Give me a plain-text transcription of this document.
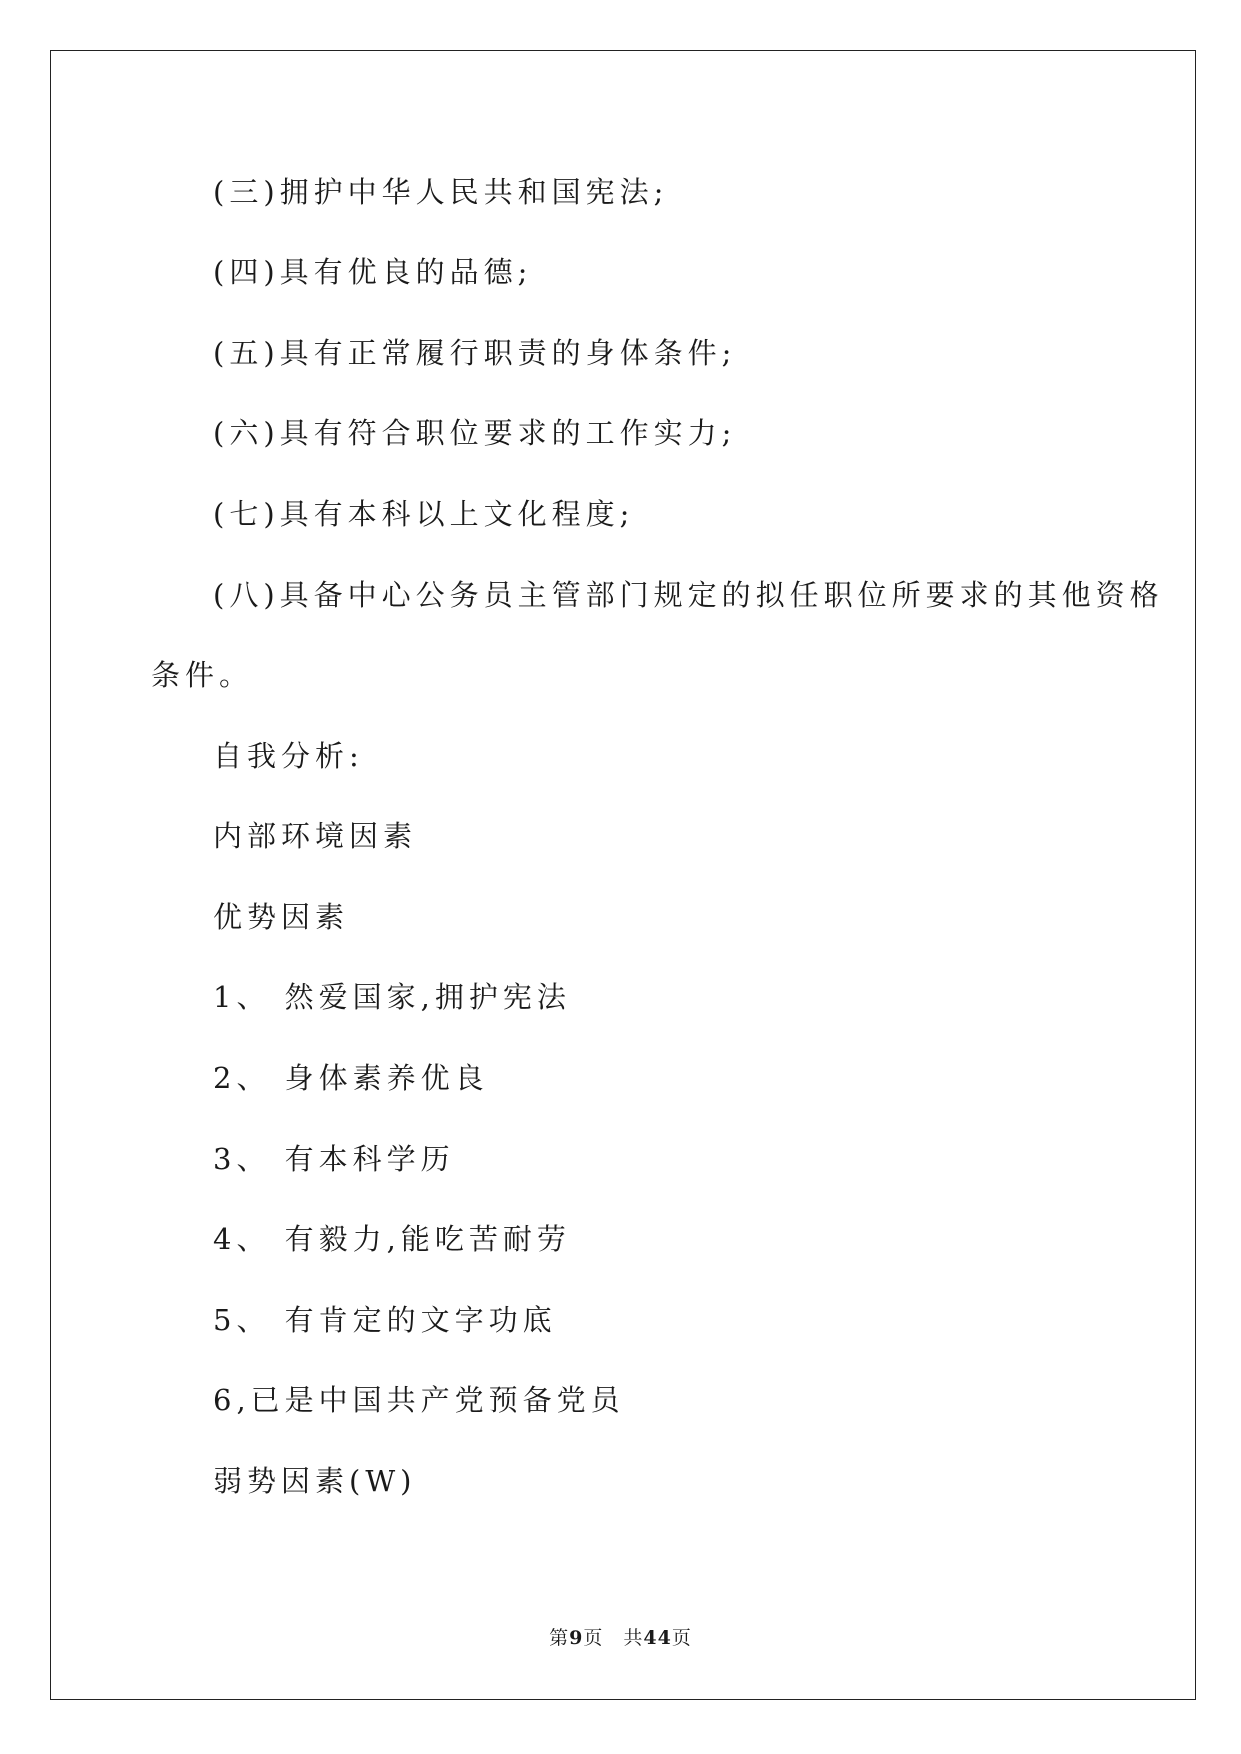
(三)拥护中华人民共和国宪法;
(四)具有优良的品德;
(五)具有正常履行职责的身体条件;
(六)具有符合职位要求的工作实力;
(七)具有本科以上文化程度;
(八)具备中心公务员主管部门规定的拟任职位所要求的其他资格
条件。
自我分析:
内部环境因素
优势因素
1、 然爱国家,拥护宪法
2、 身体素养优良
3、 有本科学历
4、 有毅力,能吃苦耐劳
5、 有肯定的文字功底
6,已是中国共产党预备党员
弱势因素(W)
第9页　共44页
